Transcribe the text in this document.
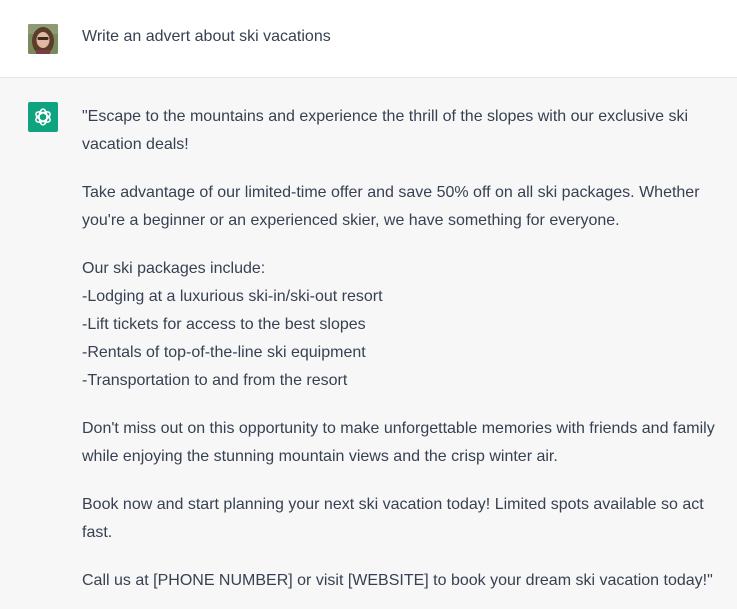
Write an advert about ski vacations

"Escape to the mountains and experience the thrill of the slopes with our exclusive ski vacation deals!

Take advantage of our limited-time offer and save 50% off on all ski packages. Whether you're a beginner or an experienced skier, we have something for everyone.

Our ski packages include:
-Lodging at a luxurious ski-in/ski-out resort
-Lift tickets for access to the best slopes
-Rentals of top-of-the-line ski equipment
-Transportation to and from the resort

Don't miss out on this opportunity to make unforgettable memories with friends and family while enjoying the stunning mountain views and the crisp winter air.

Book now and start planning your next ski vacation today! Limited spots available so act fast.

Call us at [PHONE NUMBER] or visit [WEBSITE] to book your dream ski vacation today!"
